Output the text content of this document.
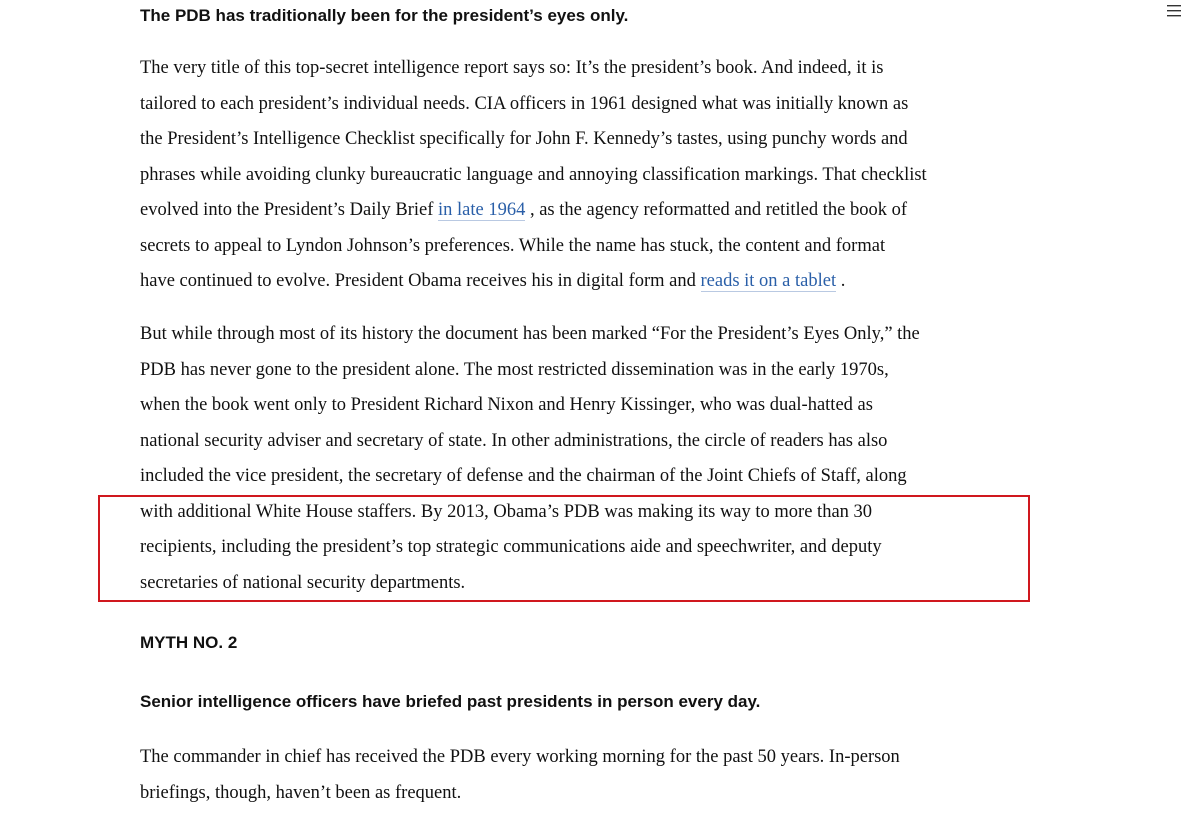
The PDB has traditionally been for the president’s eyes only.

The very title of this top-secret intelligence report says so: It’s the president’s book. And indeed, it is
tailored to each president’s individual needs. CIA officers in 1961 designed what was initially known as
the President’s Intelligence Checklist specifically for John F. Kennedy’s tastes, using punchy words and
phrases while avoiding clunky bureaucratic language and annoying classification markings. That checklist
evolved into the President’s Daily Brief in late 1964 , as the agency reformatted and retitled the book of
secrets to appeal to Lyndon Johnson’s preferences. While the name has stuck, the content and format
have continued to evolve. President Obama receives his in digital form and reads it on a tablet .

But while through most of its history the document has been marked “For the President’s Eyes Only,” the
PDB has never gone to the president alone. The most restricted dissemination was in the early 1970s,
when the book went only to President Richard Nixon and Henry Kissinger, who was dual-hatted as
national security adviser and secretary of state. In other administrations, the circle of readers has also
included the vice president, the secretary of defense and the chairman of the Joint Chiefs of Staff, along
with additional White House staffers. By 2013, Obama’s PDB was making its way to more than 30
recipients, including the president’s top strategic communications aide and speechwriter, and deputy
secretaries of national security departments.

MYTH NO. 2
Senior intelligence officers have briefed past presidents in person every day.

The commander in chief has received the PDB every working morning for the past 50 years. In-person
briefings, though, haven’t been as frequent.
